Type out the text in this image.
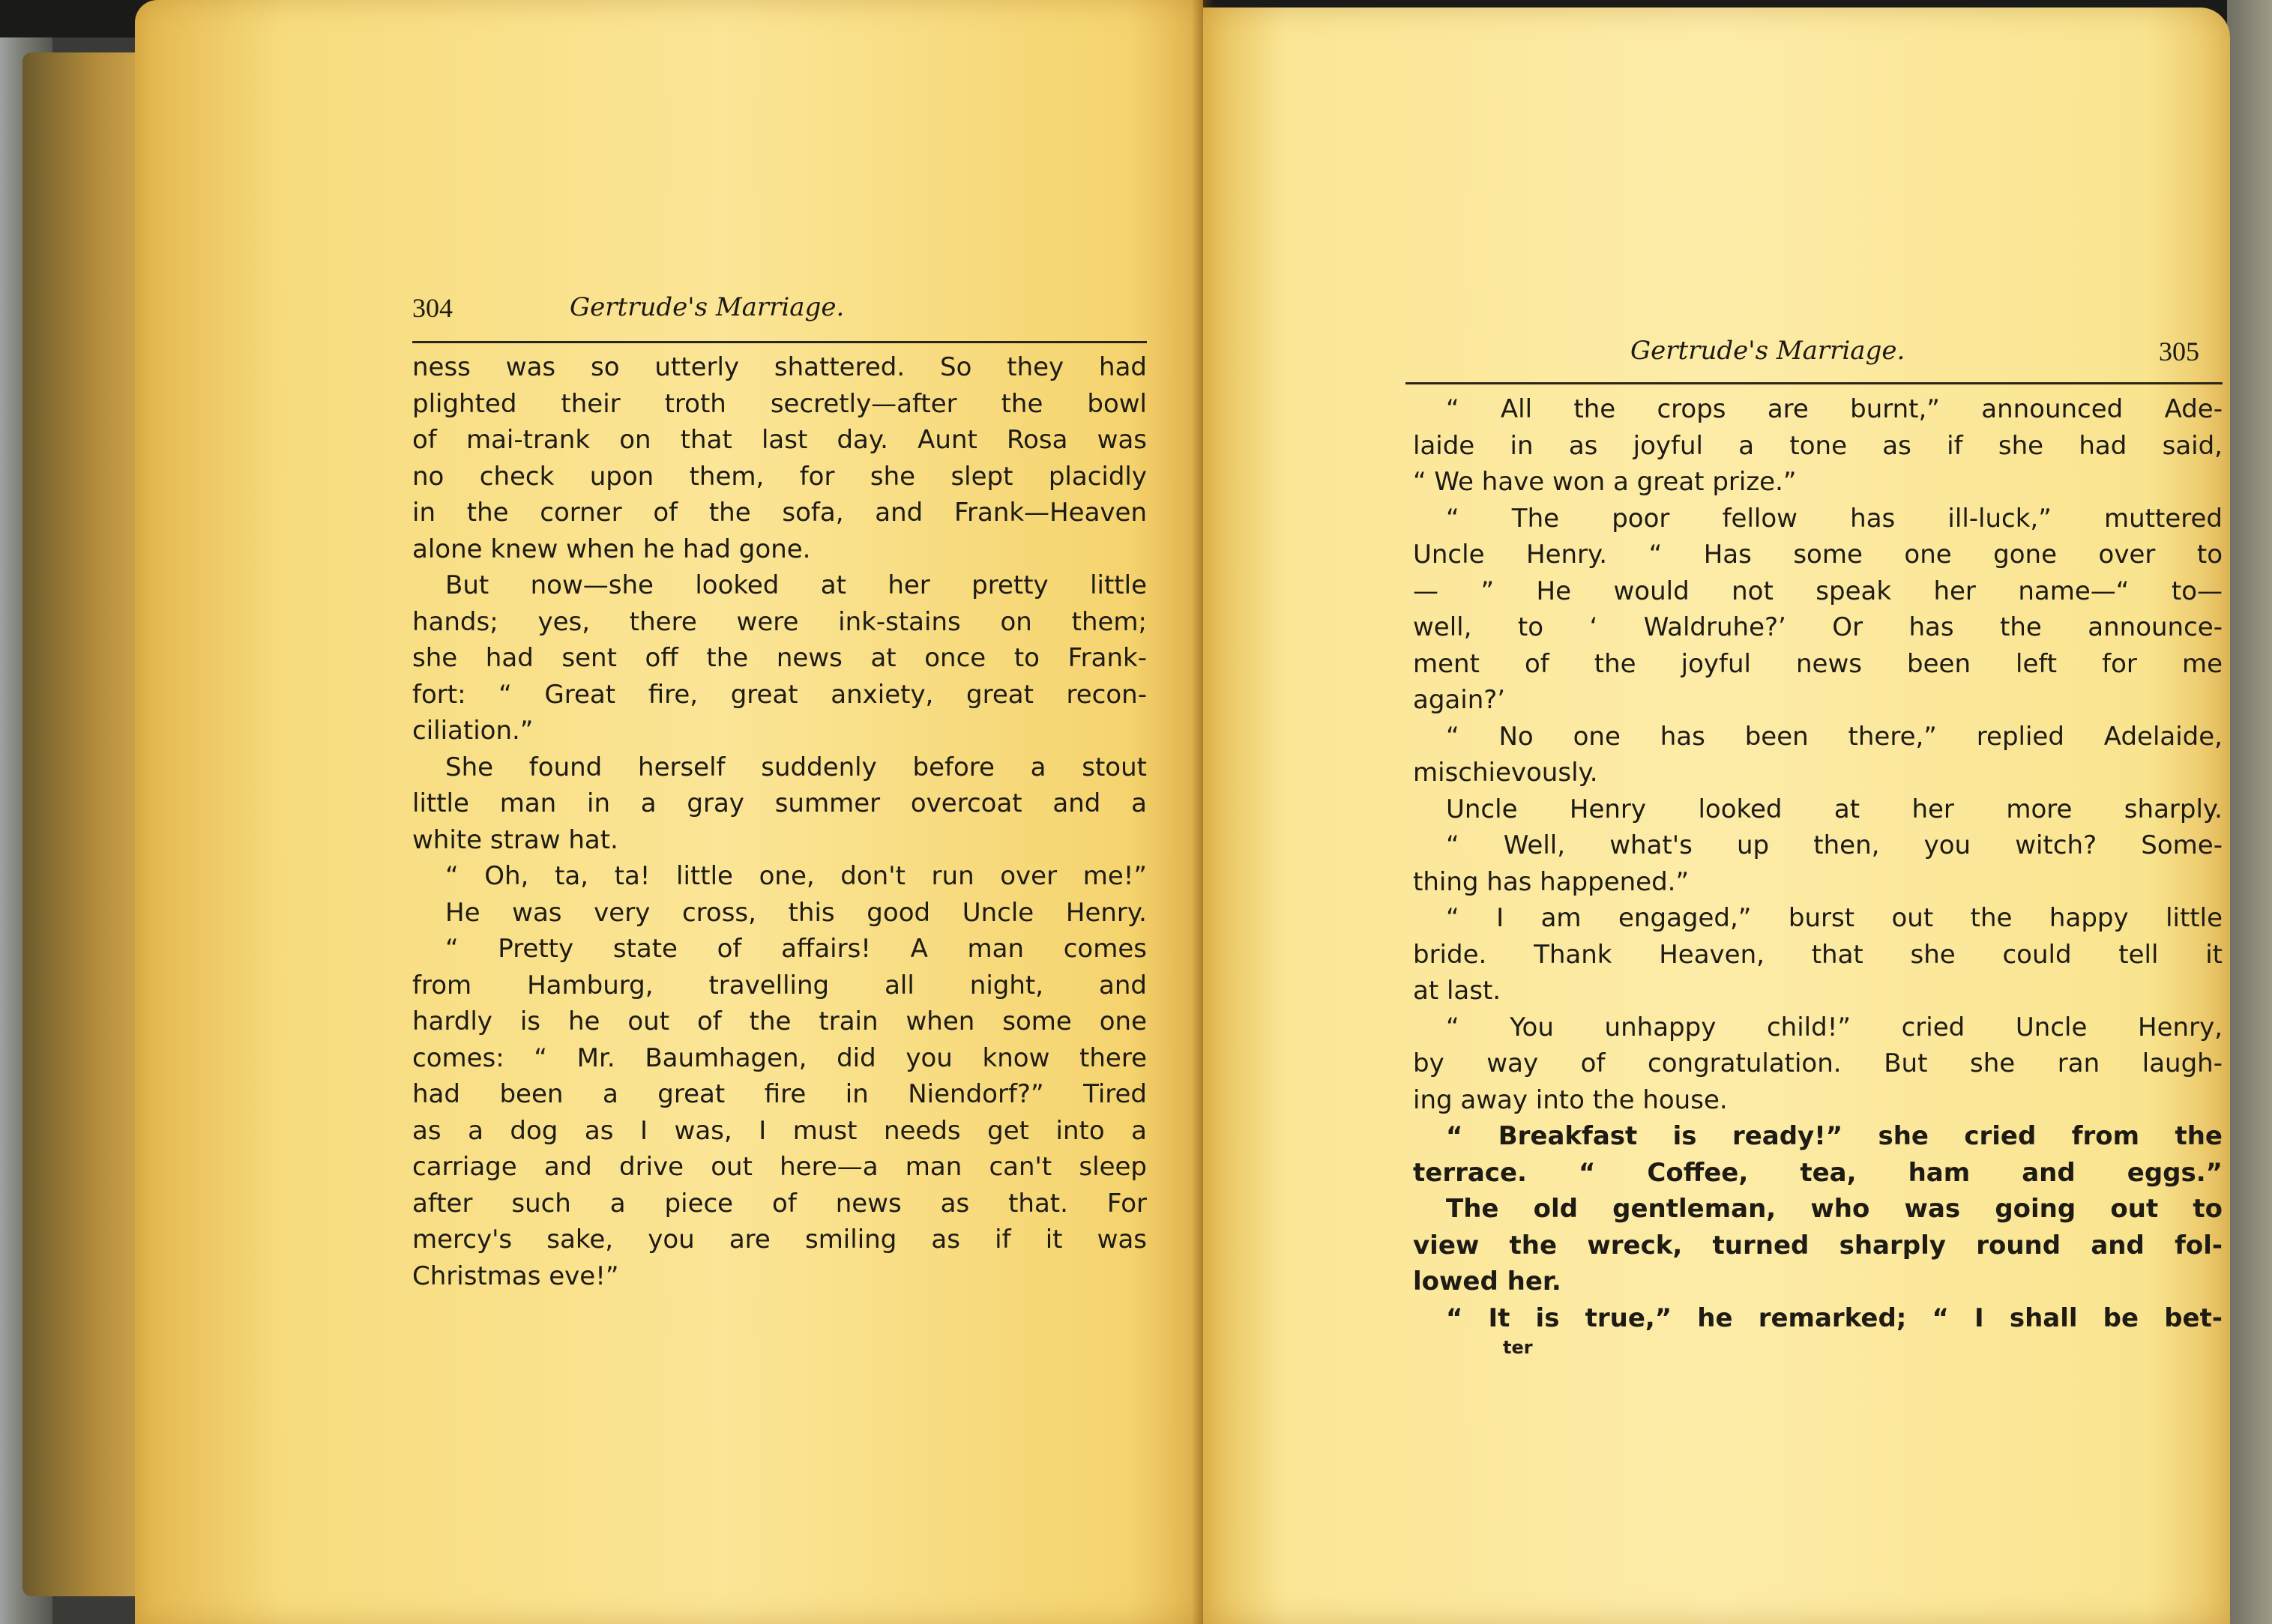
304	Gertrude's Marriage.

ness was so utterly shattered. So they had

plighted their troth secretly—after the bowl

of mai-trank on that last day. Aunt Rosa was

no check upon them, for she slept placidly

in the corner of the sofa, and Frank—Heaven

alone knew when he had gone.

But now—she looked at her pretty little

hands; yes, there were ink-stains on them;

she had sent off the news at once to Frank-

fort: “ Great fire, great anxiety, great recon-

ciliation.”

She found herself suddenly before a stout

little man in a gray summer overcoat and a

white straw hat.

“ Oh, ta, ta! little one, don't run over me!”

He was very cross, this good Uncle Henry.

“ Pretty state of affairs! A man comes

from Hamburg, travelling all night, and

hardly is he out of the train when some one

comes: “ Mr. Baumhagen, did you know there

had been a great fire in Niendorf?” Tired

as a dog as I was, I must needs get into a

carriage and drive out here—a man can't sleep

after such a piece of news as that. For

mercy's sake, you are smiling as if it was

Christmas eve!”

Gertrude's Marriage.	305

“ All the crops are burnt,” announced Ade-

laide in as joyful a tone as if she had said,

“ We have won a great prize.”

“ The poor fellow has ill-luck,” muttered

Uncle Henry. “ Has some one gone over to

— ” He would not speak her name—“ to—

well, to ‘ Waldruhe?’ Or has the announce-

ment of the joyful news been left for me

again?’

“ No one has been there,” replied Adelaide,

mischievously.

Uncle Henry looked at her more sharply.

“ Well, what's up then, you witch? Some-

thing has happened.”

“ I am engaged,” burst out the happy little

bride. Thank Heaven, that she could tell it

at last.

“ You unhappy child!” cried Uncle Henry,

by way of congratulation. But she ran laugh-

ing away into the house.

“ Breakfast is ready!” she cried from the

terrace. “ Coffee, tea, ham and eggs.”

The old gentleman, who was going out to

view the wreck, turned sharply round and fol-

lowed her.

“ It is true,” he remarked; “ I shall be bet-

ter
